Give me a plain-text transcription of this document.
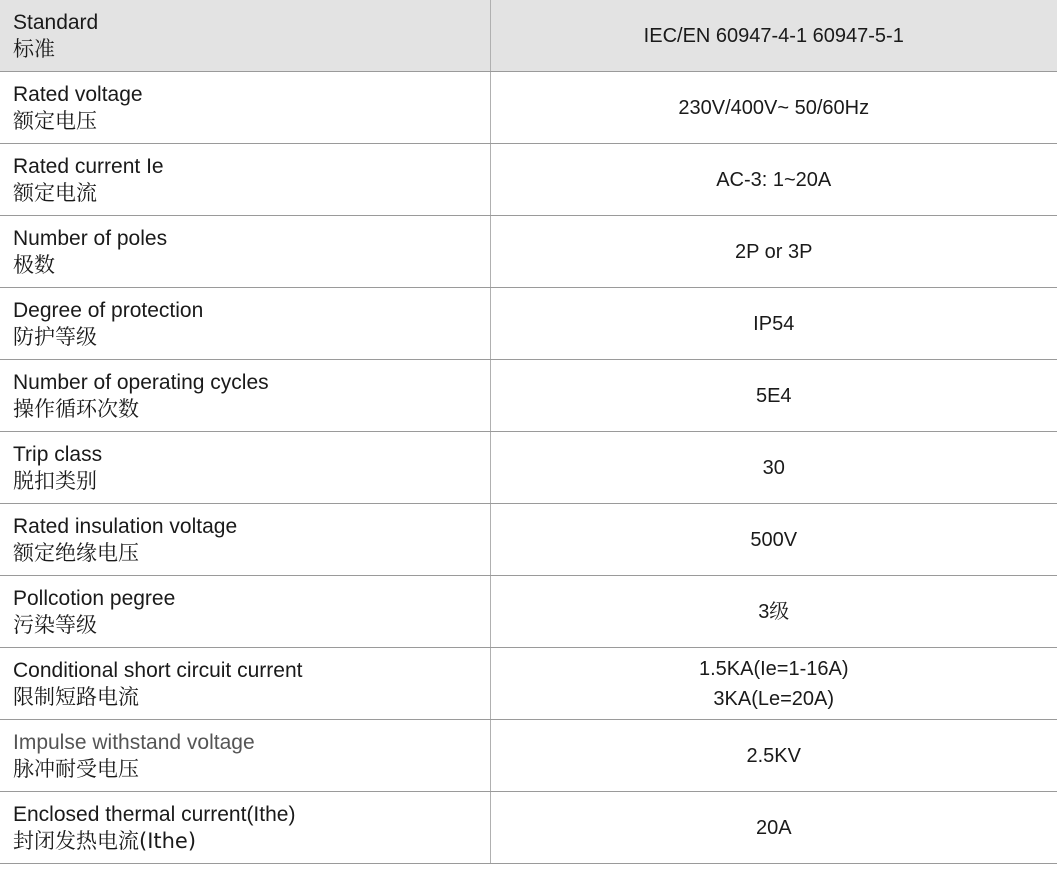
Standard
标准	IEC/EN 60947-4-1 60947-5-1

Rated voltage
额定电压	230V/400V~ 50/60Hz

Rated current Ie
额定电流	AC-3: 1~20A

Number of poles
极数	2P or 3P

Degree of protection
防护等级	IP54

Number of operating cycles
操作循环次数	5E4

Trip class
脱扣类别	30

Rated insulation voltage
额定绝缘电压	500V

Pollcotion pegree
污染等级	3级

Conditional short circuit current
限制短路电流	1.5KA(Ie=1-16A)
3KA(Le=20A)

Impulse withstand voltage
脉冲耐受电压	2.5KV

Enclosed thermal current(Ithe)
封闭发热电流(Ithe)	20A
